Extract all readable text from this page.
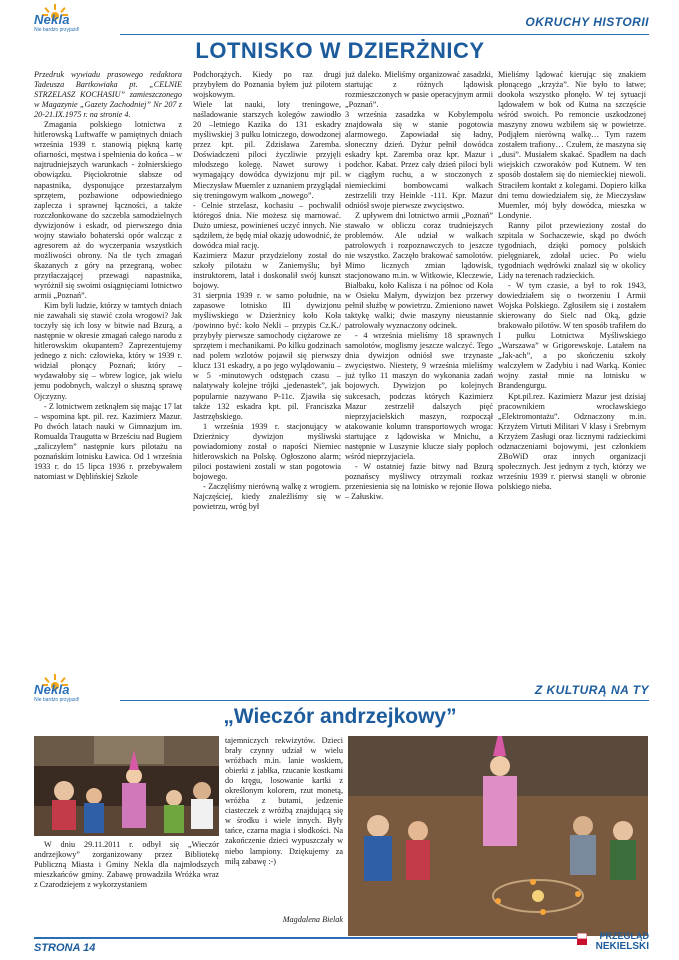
Nekla
Nie bardzo przyjazd!
OKRUCHY HISTORII
LOTNISKO W DZIERŻNICY

Przedruk wywiadu prasowego redaktora Tadeusza Bartkowiaka pt. „CELNIE STRZELASZ KOCHASIU” zamieszczonego w Magazynie „Gazety Zachodniej” Nr 207 z 20-21.IX.1975 r. na stronie 4.

Zmagania polskiego lotnictwa z hitlerowską Luftwaffe w pamiętnych dniach września 1939 r. stanowią piękną kartę ofiarności, męstwa i spełnienia do końca – w najtrudniejszych warunkach - żołnierskiego obowiązku. Pięciokrotnie słabsze od napastnika, dysponujące przestarzałym sprzętem, pozbawione odpowiedniego zaplecza i sprawnej łączności, a także rozczłonkowane do szczebla samodzielnych dywizjonów i eskadr, od pierwszego dnia wojny stawiało bohaterski opór walcząc z agresorem aż do wyczerpania wszystkich możliwości obrony. Na tle tych zmagań śkazanych z góry na przegraną, wobec przytłaczającej przewagi napastnika, wyróżnił się swoimi osiągnięciami lotnictwo armii „Poznań”.

Kim byli ludzie, którzy w tamtych dniach nie zawahali się stawić czoła wrogowi? Jak toczyły się ich losy w bitwie nad Bzurą, a następnie w okresie zmagań całego narodu z hitlerowskim okupantem? Zaprezentujemy jednego z nich: człowieka, który w 1939 r. widział płonący Poznań; który – wydawałoby się – wbrew logice, jak wielu jemu podobnych, walczył o słuszną sprawę Ojczyzny.

- Z lotnictwem zetknąłem się mając 17 lat – wspomina kpt. pil. rez. Kazimierz Mazur. Po dwóch latach nauki w Gimnazjum im. Romualda Traugutta w Brześciu nad Bugiem „zaliczyłem” następnie kurs pilotażu na poznańskim lotnisku Ławica. Od 1 września 1933 r. do 15 lipca 1936 r. przebywałem natomiast w Dęblińskiej Szkole

Podchorążych. Kiedy po raz drugi przybyłem do Poznania byłem już pilotem wojskowym.

Wiele lat nauki, loty treningowe, naśladowanie starszych kolegów zawiodło 20 –letniego Kazika do 131 eskadry myśliwskiej 3 pułku lotniczego, dowodzonej przez kpt. pil. Zdzisława Zaremba. Doświadczeni piloci życzliwie przyjęli młodszego kolegę. Nawet surowy i wymagający dowódca dywizjonu mjr pil. Mieczysław Muemler z uznaniem przyglądał się treningowym walkom „nowego”.

- Celnie strzelasz, kochasiu – pochwalił któregoś dnia. Nie możesz się marnować. Dużo umiesz, powinieneś uczyć innych. Nie sądziłem, że będę miał okazję udowodnić, że dowódca miał rację.

Kazimierz Mazur przydzielony został do szkoły pilotażu w Zaniemyślu; był instruktorem, latał i doskonalił swój kunszt bojowy.

31 sierpnia 1939 r. w samo południe, na zapasowe lotnisko III dywizjonu myśliwskiego w Dzierżnicy koło Koła /powinno być: koło Nekli – przypis Cz.K./ przybyły pierwsze samochody ciężarowe ze sprzętem i mechanikami. Po kilku godzinach nad polem wzlotów pojawił się pierwszy klucz 131 eskadry, a po jego wylądowaniu – w 5 -minutowych odstępach czasu – nalatywały kolejne trójki „jedenastek”, jak popularnie nazywano P-11c. Zjawiła się także 132 eskadra kpt. pil. Franciszka Jastrzębskiego.

1 września 1939 r. stacjonujący w Dzierżnicy dywizjon myśliwski powiadomiony został o napości Niemiec hitlerowskich na Polskę. Ogłoszono alarm; piloci postawieni zostali w stan pogotowia bojowego.

- Zaczęliśmy nierówną walkę z wrogiem. Najczęściej, kiedy znaleźliśmy się w powietrzu, wróg był

już daleko. Mieliśmy organizować zasadzki, startując z różnych lądowisk rozmieszczonych w pasie operacyjnym armii „Poznań”.

3 września zasadzka w Kobylempolu znajdowała się w stanie pogotowia alarmowego. Zapowiadał się ładny, słoneczny dzień. Dyżur pełnił dowódca eskadry kpt. Zaremba oraz kpr. Mazur i podchor. Kabat. Przez cały dzień piloci byli w ciągłym ruchu, a w stoczonych z niemieckimi bombowcami walkach zestrzelili trzy Heinkle -111. Kpr. Mazur odniósł swoje pierwsze zwycięstwo.

Z upływem dni lotnictwo armii „Poznań” stawało w obliczu coraz trudniejszych problemów. Ale udział w walkach patrolowych i rozpoznawczych to jeszcze nie wszystko. Zaczęło brakować samolotów. Mimo licznych zmian lądowisk, stacjonowano m.in. w Witkowie, Kleczewie, Białbaku, koło Kalisza i na północ od Koła w Osieku Małym, dywizjon bez przerwy pełnił służbę w powietrzu. Zmieniono nawet taktykę walki; dwie maszyny nieustannie patrolowały wyznaczony odcinek.

- 4 września mieliśmy 18 sprawnych samolotów, moglismy jeszcze walczyć. Tego dnia dywizjon odniósł swe trzynaste zwycięstwo. Niestety, 9 września mieliśmy już tylko 11 maszyn do wykonania zadań bojowych. Dywizjon po kolejnych sukcesach, podczas których Kazimierz Mazur zestrzelił dalszych pięć nieprzyjacielskich maszyn, rozpoczął atakowanie kolumn transportowych wroga: startujące z lądowiska w Mnichu, a następnie w Luszynie klucze siały popłoch wśród nieprzyjaciela.

- W ostatniej fazie bitwy nad Bzurą poznańscy myśliwcy otrzymali rozkaz przeniesienia się na lotnisko w rejonie Iłowa – Załuskiw.

Mieliśmy lądować kierując się znakiem płonącego „krzyża”. Nie było to łatwe; dookoła wszystko płonęło. W tej sytuacji lądowałem w bok od Kutna na szczęście wśród swoich. Po remoncie uszkodzonej maszyny znowu wzbiłem się w powietrze. Podjąłem nierówną walkę… Tym razem zostałem trafiony… Czułem, że maszyna się „dusi”. Musiałem skakać. Spadłem na dach wiejskich czworaków pod Kutnem. W ten sposób dostałem się do niemieckiej niewoli. Straciłem kontakt z kolegami. Dopiero kilka dni temu dowiedziałem się, że Mieczysław Muemler, mój były dowódca, mieszka w Londynie.

Ranny pilot przewieziony został do szpitala w Sochaczewie, skąd po dwóch tygodniach, dzięki pomocy polskich pielęgniarek, zdołał uciec. Po wielu tygodniach wędrówki znalazł się w okolicy Lidy na terenach radzieckich.

- W tym czasie, a był to rok 1943, dowiedziałem się o tworzeniu I Armii Wojska Polskiego. Zgłosiłem się i zostałem skierowany do Sielc nad Oką, gdzie brakowało pilotów. W ten sposób trafiłem do I pułku Lotnictwa Myśliwskiego „Warszawa” w Grigorewskoje. Latałem na „Jak-ach”, a po skończeniu szkoły walczyłem w Zadybiu i nad Warką. Koniec wojny zastał mnie na lotnisku w Brandengurgu.

Kpt.pil.rez. Kazimierz Mazur jest dzisiaj pracownikiem wrocławskiego „Elektromontażu”. Odznaczony m.in. Krzyżem Virtuti Militari V klasy i Srebrnym Krzyżem Zasługi oraz licznymi radzieckimi odznaczeniami bojowymi, jest członkiem ZBoWiD oraz innych organizacji społecznych. Jest jednym z tych, którzy we wrześniu 1939 r. pierwsi stanęli w obronie polskiego nieba.

Nekla
Nie bardzo przyjazd!
Z KULTURĄ NA TY
„Wieczór andrzejkowy”

W dniu 29.11.2011 r. odbył się „Wieczór andrzejkowy” zorganizowany przez Bibliotekę Publiczną Miasta i Gminy Nekla dla najmłodszych mieszkańców gminy. Zabawę prowadziła Wróżka wraz z Czarodziejem z wykorzystaniem

tajemniczych rekwizytów. Dzieci brały czynny udział w wielu wróżbach m.in. lanie woskiem, obierki z jabłka, rzucanie kostkami do kręgu, losowanie kartki z określonym kolorem, rzut monetą, wróżba z butami, jedzenie ciasteczek z wróżbą znajdującą się w środku i wiele innych. Były tańce, czarna magia i słodkości. Na zakończenie dzieci wypuszczały w niebo lampiony. Dziękujemy za miłą zabawę :-)

Magdalena Bielak
STRONA 14
PRZEGLĄD
NEKIELSKI
